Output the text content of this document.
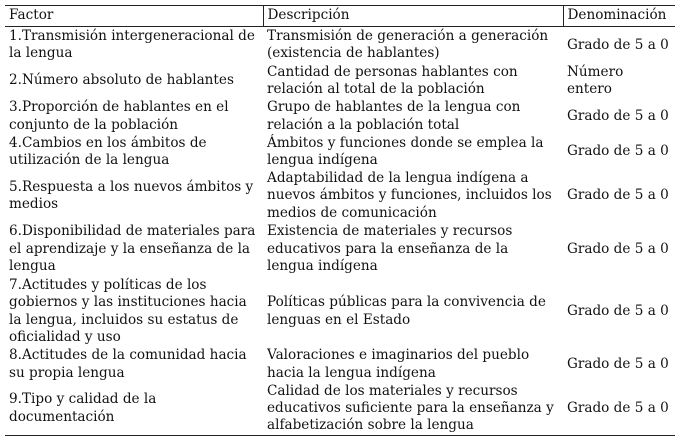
Factor	Descripción	Denominación
1.Transmisión intergeneracional de la lengua	Transmisión de generación a generación (existencia de hablantes)	Grado de 5 a 0
2.Número absoluto de hablantes	Cantidad de personas hablantes con relación al total de la población	Número entero
3.Proporción de hablantes en el conjunto de la población	Grupo de hablantes de la lengua con relación a la población total	Grado de 5 a 0
4.Cambios en los ámbitos de utilización de la lengua	Ámbitos y funciones donde se emplea la lengua indígena	Grado de 5 a 0
5.Respuesta a los nuevos ámbitos y medios	Adaptabilidad de la lengua indígena a nuevos ámbitos y funciones, incluidos los medios de comunicación	Grado de 5 a 0
6.Disponibilidad de materiales para el aprendizaje y la enseñanza de la lengua	Existencia de materiales y recursos educativos para la enseñanza de la lengua indígena	Grado de 5 a 0
7.Actitudes y políticas de los gobiernos y las instituciones hacia la lengua, incluidos su estatus de oficialidad y uso	Políticas públicas para la convivencia de lenguas en el Estado	Grado de 5 a 0
8.Actitudes de la comunidad hacia su propia lengua	Valoraciones e imaginarios del pueblo hacia la lengua indígena	Grado de 5 a 0
9.Tipo y calidad de la documentación	Calidad de los materiales y recursos educativos suficiente para la enseñanza y alfabetización sobre la lengua	Grado de 5 a 0
